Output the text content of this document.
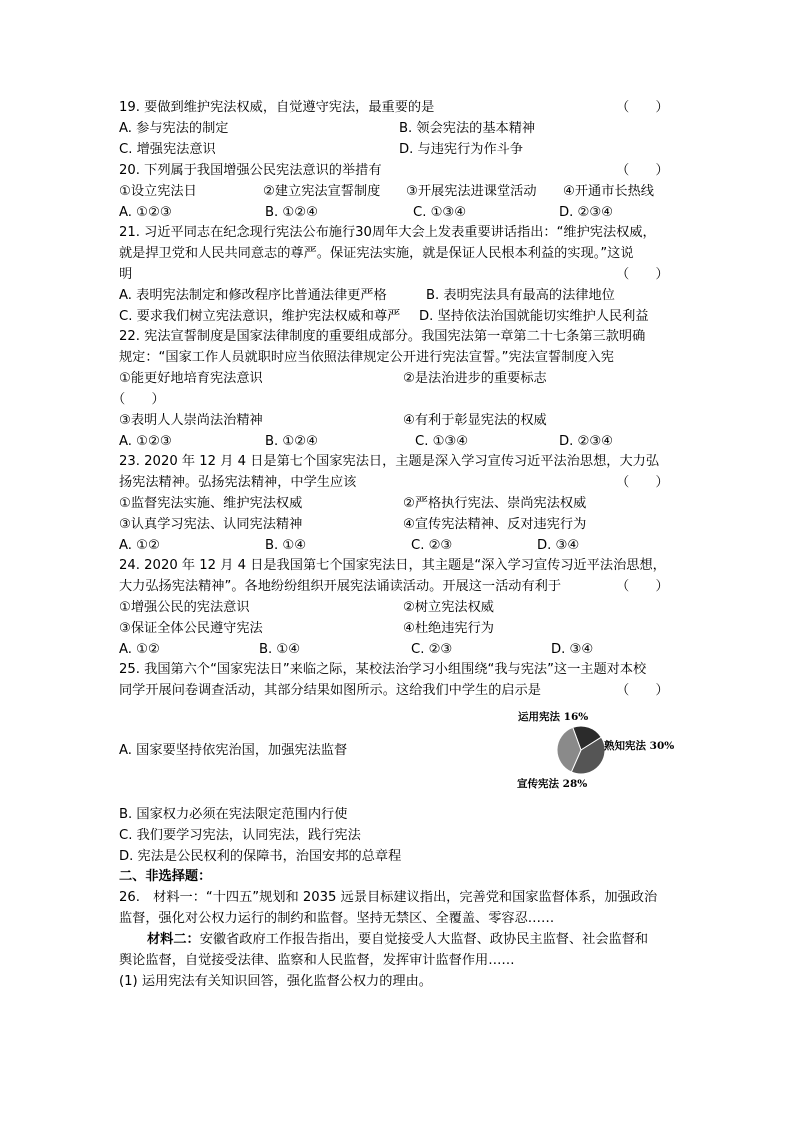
19. 要做到维护宪法权威，自觉遵守宪法，最重要的是	（　　）
A. 参与宪法的制定	B. 领会宪法的基本精神
C. 增强宪法意识	D. 与违宪行为作斗争
20. 下列属于我国增强公民宪法意识的举措有	（　　）
①设立宪法日	②建立宪法宣誓制度 ③开展宪法进课堂活动 ④开通市长热线
A. ①②③	B. ①②④	C. ①③④	D. ②③④
21. 习近平同志在纪念现行宪法公布施行30周年大会上发表重要讲话指出：“维护宪法权威，
就是捍卫党和人民共同意志的尊严。保证宪法实施，就是保证人民根本利益的实现。”这说
明	（　　）
A. 表明宪法制定和修改程序比普通法律更严格	B. 表明宪法具有最高的法律地位
C. 要求我们树立宪法意识，维护宪法权威和尊严 D. 坚持依法治国就能切实维护人民利益
22. 宪法宣誓制度是国家法律制度的重要组成部分。我国宪法第一章第二十七条第三款明确
规定：“国家工作人员就职时应当依照法律规定公开进行宪法宣誓。”宪法宣誓制度入宪
①能更好地培育宪法意识	②是法治进步的重要标志
（　　）
③表明人人崇尚法治精神	④有利于彰显宪法的权威
A. ①②③	B. ①②④	C. ①③④	D. ②③④
23. 2020 年 12 月 4 日是第七个国家宪法日，主题是深入学习宣传习近平法治思想，大力弘
扬宪法精神。弘扬宪法精神，中学生应该	（　　）
①监督宪法实施、维护宪法权威	②严格执行宪法、崇尚宪法权威
③认真学习宪法、认同宪法精神	④宣传宪法精神、反对违宪行为
A. ①②	B. ①④	C. ②③	D. ③④
24. 2020 年 12 月 4 日是我国第七个国家宪法日，其主题是“深入学习宣传习近平法治思想，
大力弘扬宪法精神”。各地纷纷组织开展宪法诵读活动。开展这一活动有利于	（　　）
①增强公民的宪法意识	②树立宪法权威
③保证全体公民遵守宪法	④杜绝违宪行为
A. ①②	B. ①④	C. ②③	D. ③④
25. 我国第六个“国家宪法日”来临之际，某校法治学习小组围绕“我与宪法”这一主题对本校
同学开展问卷调查活动，其部分结果如图所示。这给我们中学生的启示是	（　　）
运用宪法 16%
熟知宪法 30%
宣传宪法 28%
A. 国家要坚持依宪治国，加强宪法监督
B. 国家权力必须在宪法限定范围内行使
C. 我们要学习宪法，认同宪法，践行宪法
D. 宪法是公民权利的保障书，治国安邦的总章程
二、非选择题：
26.　材料一：“十四五”规划和 2035 远景目标建议指出，完善党和国家监督体系，加强政治
监督，强化对公权力运行的制约和监督。坚持无禁区、全覆盖、零容忍……
材料二：安徽省政府工作报告指出，要自觉接受人大监督、政协民主监督、社会监督和
舆论监督，自觉接受法律、监察和人民监督，发挥审计监督作用……
(1) 运用宪法有关知识回答，强化监督公权力的理由。
